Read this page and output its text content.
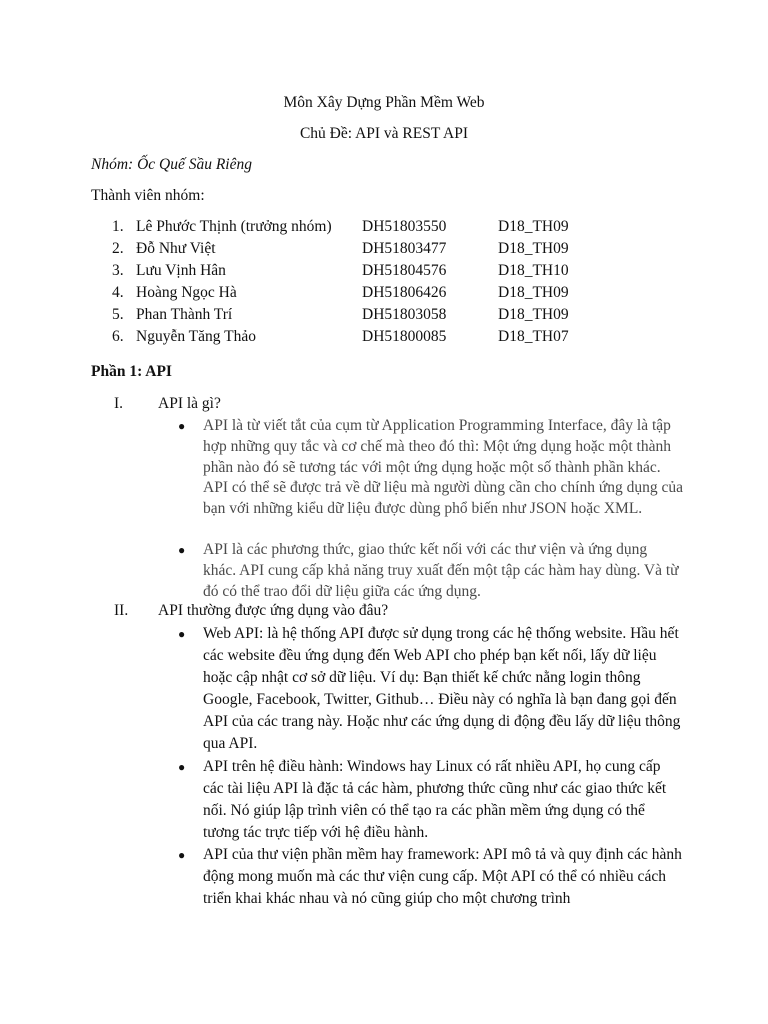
Môn Xây Dựng Phần Mềm Web
Chủ Đề: API và REST API
Nhóm: Ốc Quế Sầu Riêng
Thành viên nhóm:
1. Lê Phước Thịnh (trưởng nhóm) DH51803550	D18_TH09
2. Đỗ Như Việt	DH51803477	D18_TH09
3. Lưu Vịnh Hân	DH51804576	D18_TH10
4. Hoàng Ngọc Hà	DH51806426	D18_TH09
5. Phan Thành Trí	DH51803058	D18_TH09
6. Nguyễn Tăng Thảo	DH51800085	D18_TH07
Phần 1: API
I. API là gì?
● API là từ viết tắt của cụm từ Application Programming Interface, đây là tập hợp những quy tắc và cơ chế mà theo đó thì: Một ứng dụng hoặc một thành phần nào đó sẽ tương tác với một ứng dụng hoặc một số thành phần khác. API có thể sẽ được trả về dữ liệu mà người dùng cần cho chính ứng dụng của bạn với những kiểu dữ liệu được dùng phổ biến như JSON hoặc XML.
● API là các phương thức, giao thức kết nối với các thư viện và ứng dụng khác. API cung cấp khả năng truy xuất đến một tập các hàm hay dùng. Và từ đó có thể trao đổi dữ liệu giữa các ứng dụng.
II. API thường được ứng dụng vào đâu?
● Web API: là hệ thống API được sử dụng trong các hệ thống website. Hầu hết các website đều ứng dụng đến Web API cho phép bạn kết nối, lấy dữ liệu hoặc cập nhật cơ sở dữ liệu. Ví dụ: Bạn thiết kế chức nằng login thông Google, Facebook, Twitter, Github… Điều này có nghĩa là bạn đang gọi đến API của các trang này. Hoặc như các ứng dụng di động đều lấy dữ liệu thông qua API.
● API trên hệ điều hành: Windows hay Linux có rất nhiều API, họ cung cấp các tài liệu API là đặc tả các hàm, phương thức cũng như các giao thức kết nối. Nó giúp lập trình viên có thể tạo ra các phần mềm ứng dụng có thể tương tác trực tiếp với hệ điều hành.
● API của thư viện phần mềm hay framework: API mô tả và quy định các hành động mong muốn mà các thư viện cung cấp. Một API có thể có nhiều cách triển khai khác nhau và nó cũng giúp cho một chương trình
